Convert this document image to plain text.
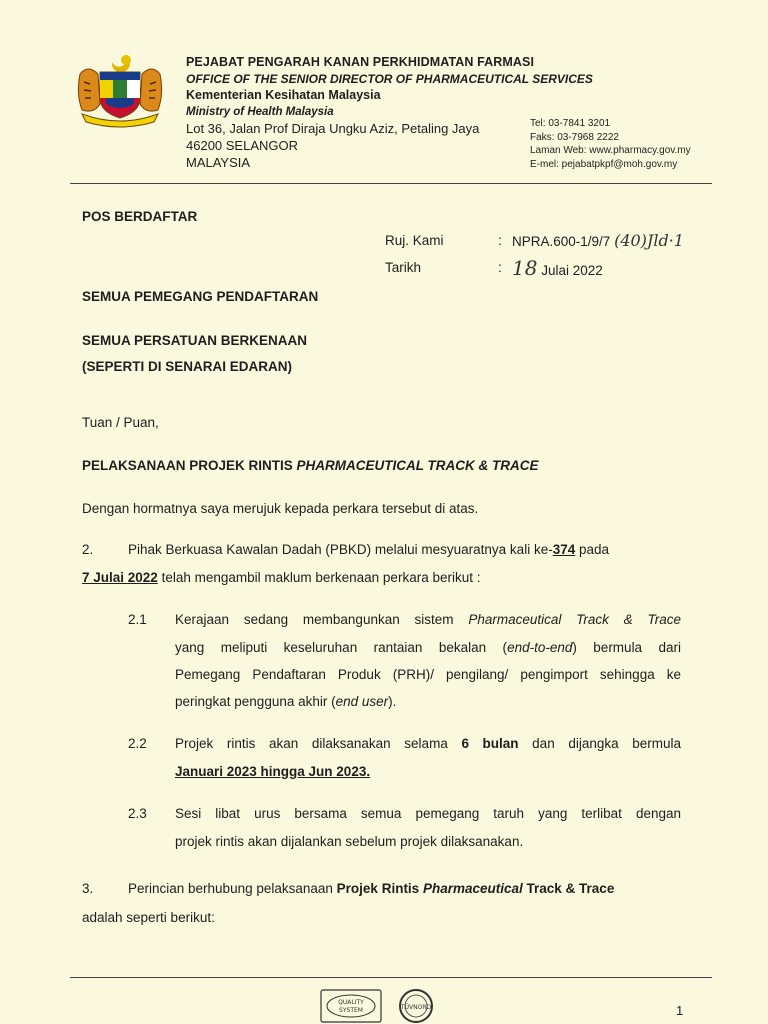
PEJABAT PENGARAH KANAN PERKHIDMATAN FARMASI
OFFICE OF THE SENIOR DIRECTOR OF PHARMACEUTICAL SERVICES
Kementerian Kesihatan Malaysia
Ministry of Health Malaysia
Lot 36, Jalan Prof Diraja Ungku Aziz, Petaling Jaya
46200 SELANGOR
MALAYSIA
Tel: 03-7841 3201
Faks: 03-7968 2222
Laman Web: www.pharmacy.gov.my
E-mel: pejabatpkpf@moh.gov.my
POS BERDAFTAR
Ruj. Kami	: NPRA.600-1/9/7 (40)Jld·1
Tarikh	: 18 Julai 2022
SEMUA PEMEGANG PENDAFTARAN
SEMUA PERSATUAN BERKENAAN
(SEPERTI DI SENARAI EDARAN)
Tuan / Puan,
PELAKSANAAN PROJEK RINTIS PHARMACEUTICAL TRACK & TRACE
Dengan hormatnya saya merujuk kepada perkara tersebut di atas.
2.	Pihak Berkuasa Kawalan Dadah (PBKD) melalui mesyuaratnya kali ke-374 pada
7 Julai 2022 telah mengambil maklum berkenaan perkara berikut :
2.1 Kerajaan sedang membangunkan sistem Pharmaceutical Track & Trace
yang meliputi keseluruhan rantaian bekalan (end-to-end) bermula dari
Pemegang Pendaftaran Produk (PRH)/ pengilang/ pengimport sehingga ke
peringkat pengguna akhir (end user).
2.2 Projek rintis akan dilaksanakan selama 6 bulan dan dijangka bermula
Januari 2023 hingga Jun 2023.
2.3 Sesi libat urus bersama semua pemegang taruh yang terlibat dengan
projek rintis akan dijalankan sebelum projek dilaksanakan.
3.	Perincian berhubung pelaksanaan Projek Rintis Pharmaceutical Track & Trace
adalah seperti berikut:
QUALITY
SYSTEM	TÜVNORD	1
